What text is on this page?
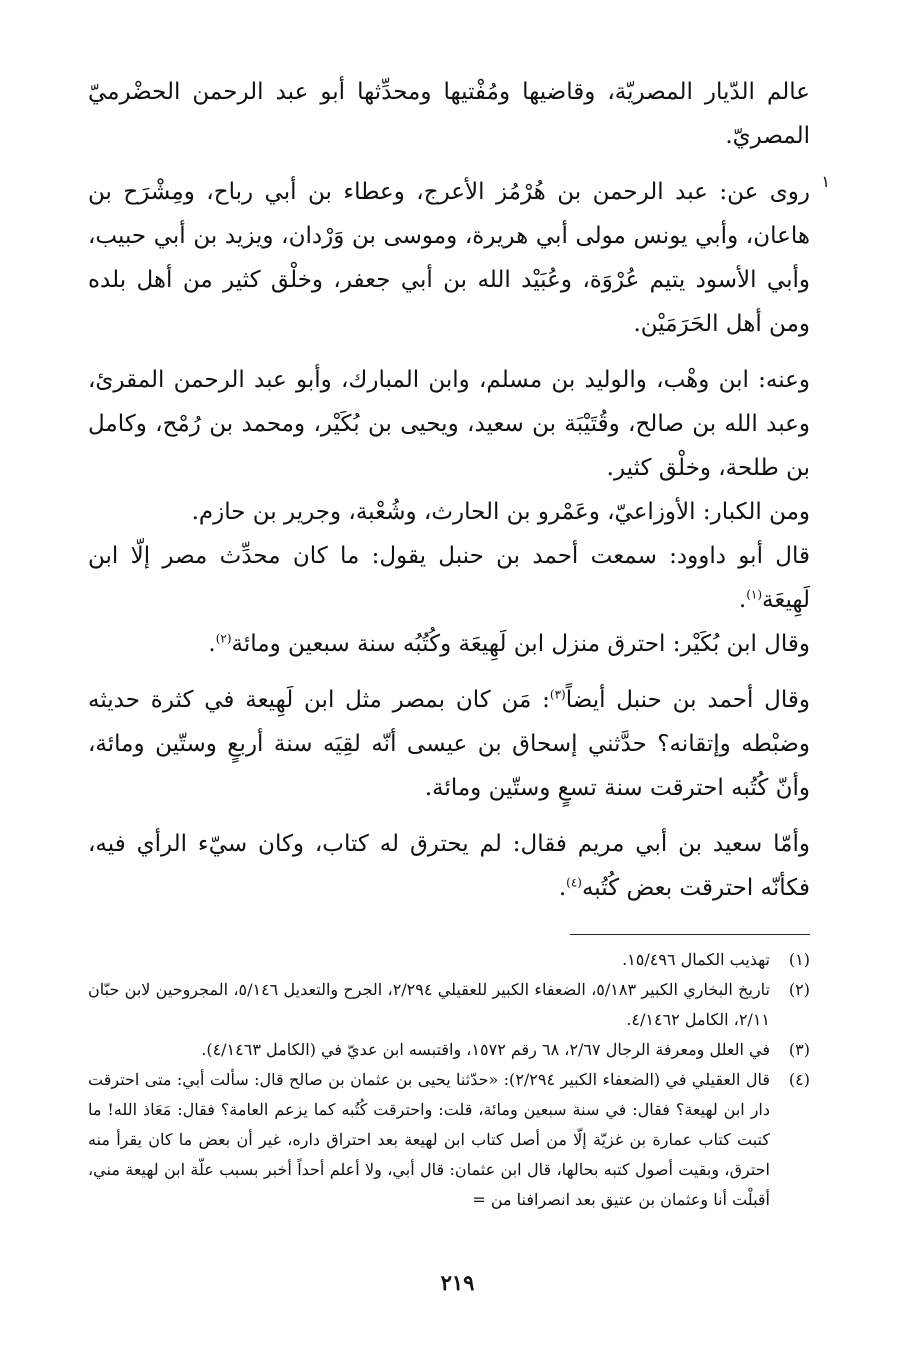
عالم الدّيار المصريّة، وقاضيها ومُفْتيها ومحدِّثها أبو عبد الرحمن الحضْرميّ المصريّ.

١

روى عن: عبد الرحمن بن هُرْمُز الأعرج، وعطاء بن أبي رباح، ومِشْرَح بن هاعان، وأبي يونس مولى أبي هريرة، وموسى بن وَرْدان، ويزيد بن أبي حبيب، وأبي الأسود يتيم عُرْوَة، وعُبَيْد الله بن أبي جعفر، وخلْق كثير من أهل بلده ومن أهل الحَرَمَيْن.

وعنه: ابن وهْب، والوليد بن مسلم، وابن المبارك، وأبو عبد الرحمن المقرئ، وعبد الله بن صالح، وقُتَيْبَة بن سعيد، ويحيى بن بُكَيْر، ومحمد بن رُمْح، وكامل بن طلحة، وخلْق كثير.

ومن الكبار: الأوزاعيّ، وعَمْرو بن الحارث، وشُعْبة، وجرير بن حازم.

قال أبو داوود: سمعت أحمد بن حنبل يقول: ما كان محدِّث مصر إلّا ابن لَهِيعَة$^{(١)}$.

وقال ابن بُكَيْر: احترق منزل ابن لَهِيعَة وكُتُبُه سنة سبعين ومائة$^{(٢)}$.

وقال أحمد بن حنبل أيضاً$^{(٣)}$: مَن كان بمصر مثل ابن لَهِيعة في كثرة حديثه وضبْطه وإتقانه؟ حدَّثني إسحاق بن عيسى أنّه لقِيَه سنة أربعٍ وستّين ومائة، وأنّ كُتُبه احترقت سنة تسعٍ وستّين ومائة.

وأمّا سعيد بن أبي مريم فقال: لم يحترق له كتاب، وكان سيّء الرأي فيه، فكأنّه احترقت بعض كُتُبه$^{(٤)}$.

(١)

تهذيب الكمال ١٥/٤٩٦.

(٢)

تاريخ البخاري الكبير ٥/١٨٣، الضعفاء الكبير للعقيلي ٢/٢٩٤، الجرح والتعديل ٥/١٤٦، المجروحين لابن حبّان ٢/١١، الكامل ٤/١٤٦٢.

(٣)

في العلل ومعرفة الرجال ٢/٦٧، ٦٨ رقم ١٥٧٢، واقتبسه ابن عديّ في (الكامل ٤/١٤٦٣).

(٤)

قال العقيلي في (الضعفاء الكبير ٢/٢٩٤): «حدّثنا يحيى بن عثمان بن صالح قال: سألت أبي: متى احترقت دار ابن لهيعة؟ فقال: في سنة سبعين ومائة، قلت: واحترقت كُتُبه كما يزعم العامة؟ فقال: مَعَاذ الله! ما كتبت كتاب عمارة بن غزيّة إلّا من أصل كتاب ابن لهيعة بعد احتراق داره، غير أن بعض ما كان يقرأ منه احترق، وبقيت أصول كتبه بحالها، قال ابن عثمان: قال أبي، ولا أعلم أحداً أخبر بسبب علّة ابن لهيعة مني، أقبلْت أنا وعثمان بن عتيق بعد انصرافنا من =

٢١٩
